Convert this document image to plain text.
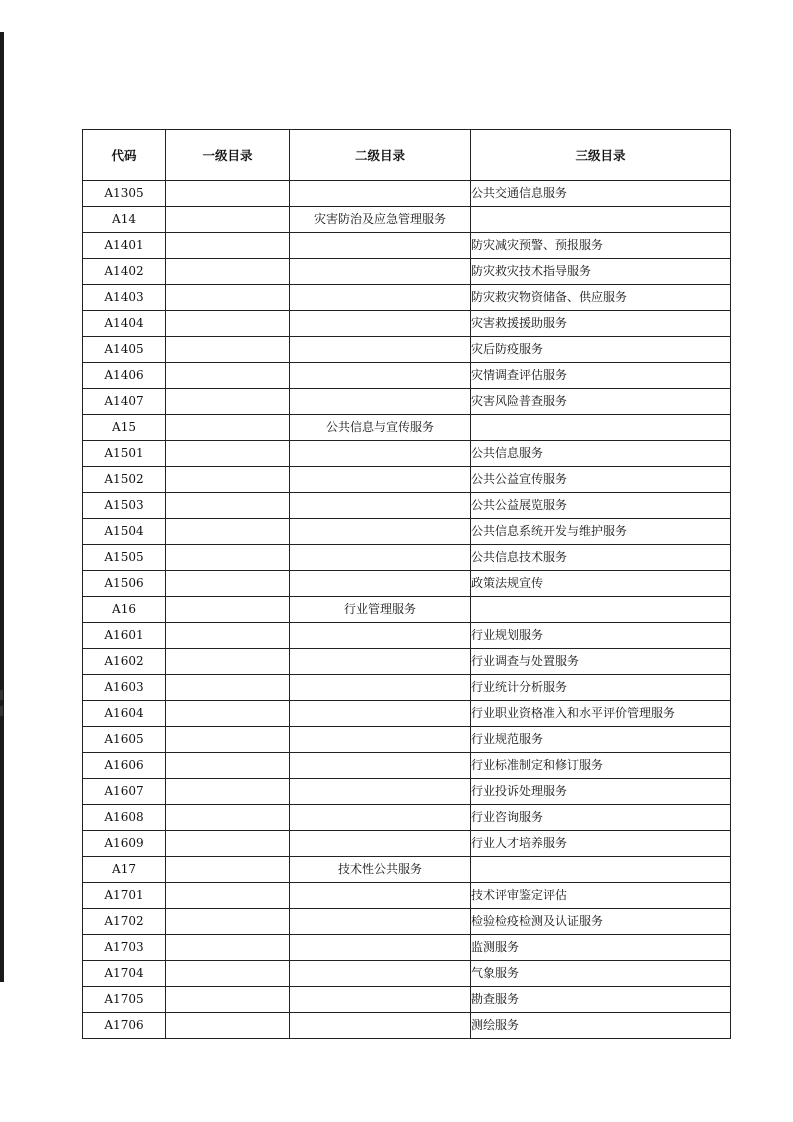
代码	一级目录	二级目录	三级目录
A1305			公共交通信息服务
A14		灾害防治及应急管理服务	
A1401			防灾减灾预警、预报服务
A1402			防灾救灾技术指导服务
A1403			防灾救灾物资储备、供应服务
A1404			灾害救援援助服务
A1405			灾后防疫服务
A1406			灾情调查评估服务
A1407			灾害风险普查服务
A15		公共信息与宣传服务	
A1501			公共信息服务
A1502			公共公益宣传服务
A1503			公共公益展览服务
A1504			公共信息系统开发与维护服务
A1505			公共信息技术服务
A1506			政策法规宣传
A16		行业管理服务	
A1601			行业规划服务
A1602			行业调查与处置服务
A1603			行业统计分析服务
A1604			行业职业资格准入和水平评价管理服务
A1605			行业规范服务
A1606			行业标准制定和修订服务
A1607			行业投诉处理服务
A1608			行业咨询服务
A1609			行业人才培养服务
A17		技术性公共服务	
A1701			技术评审鉴定评估
A1702			检验检疫检测及认证服务
A1703			监测服务
A1704			气象服务
A1705			勘查服务
A1706			测绘服务
